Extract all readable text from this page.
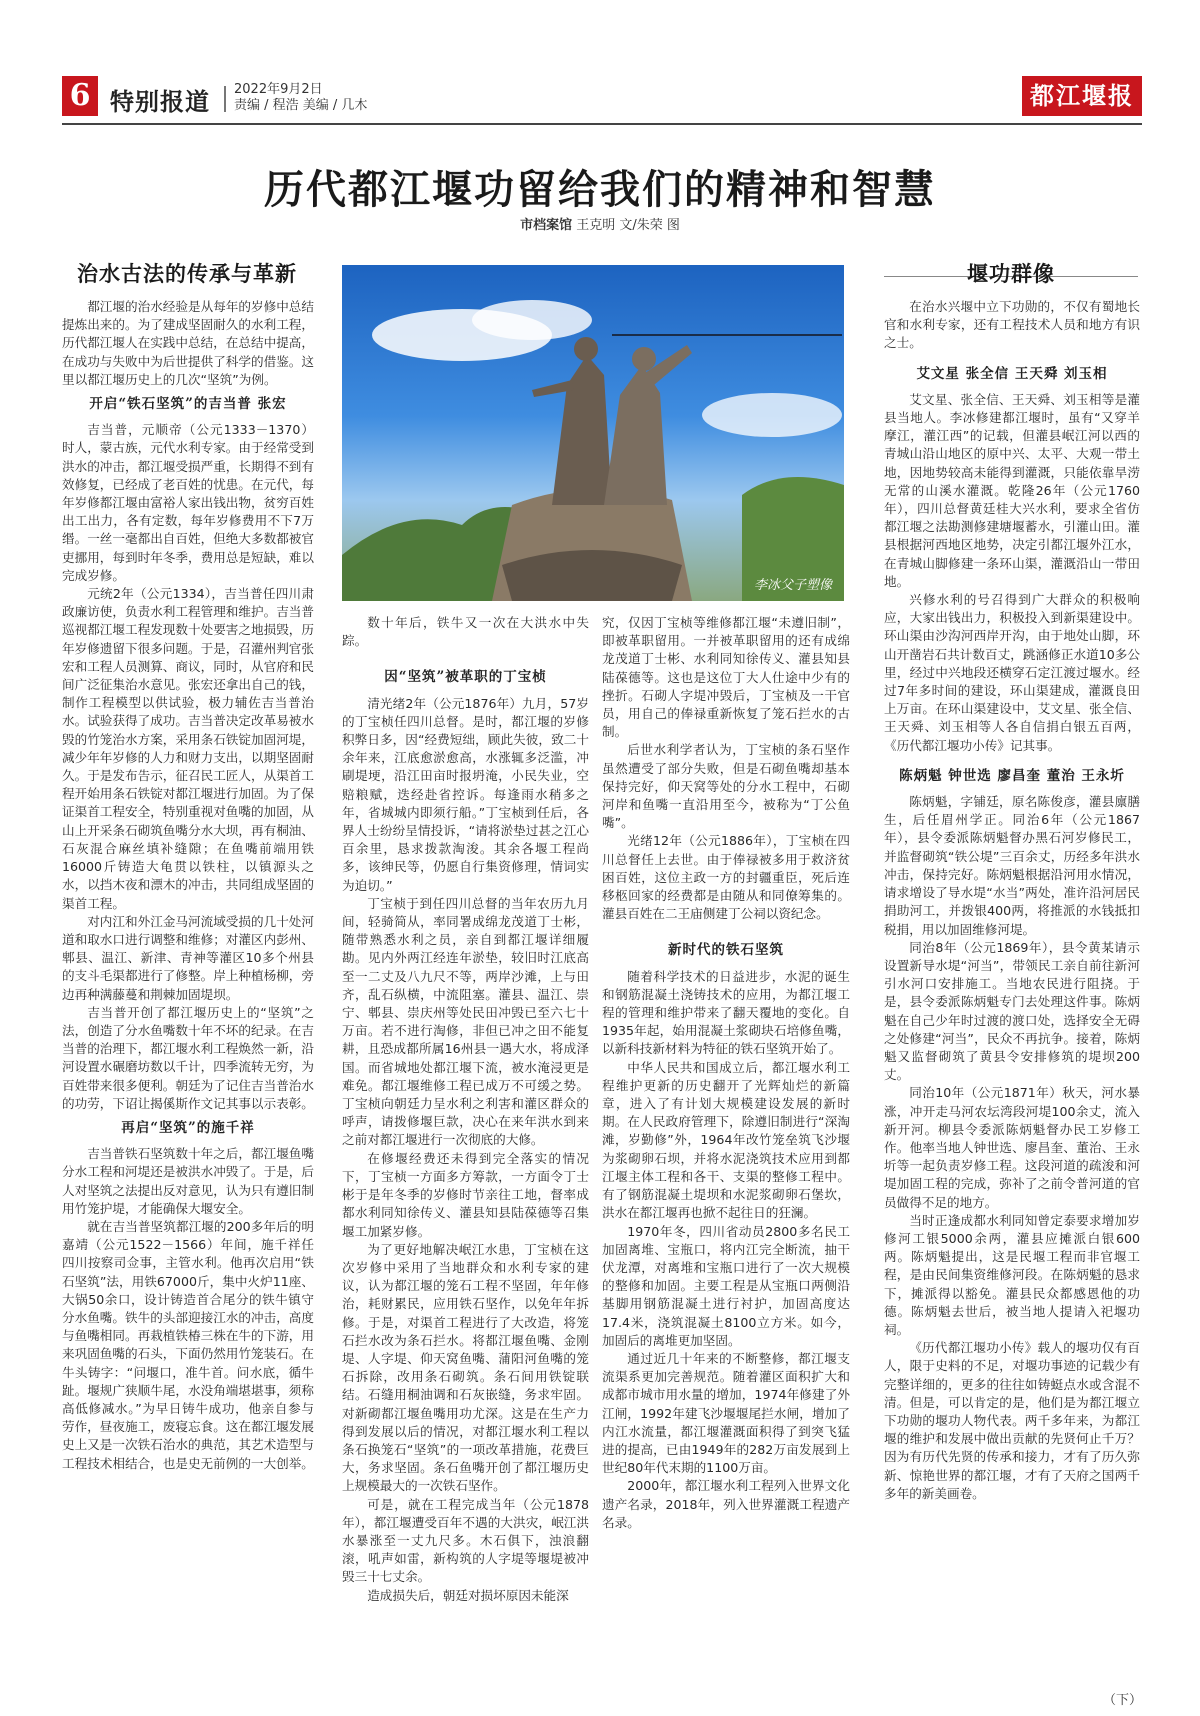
6 特别报道 2022年9月2日
责编 / 程浩 美编 / 几木	都江堰报
历代都江堰功留给我们的精神和智慧
市档案馆 王克明 文/朱荣 图
治水古法的传承与革新

都江堰的治水经验是从每年的岁修中总结提炼出来的。为了建成坚固耐久的水利工程，历代都江堰人在实践中总结，在总结中提高，在成功与失败中为后世提供了科学的借鉴。这里以都江堰历史上的几次“坚筑”为例。

开启“铁石坚筑”的吉当普 张宏

吉当普，元顺帝（公元1333－1370）时人，蒙古族，元代水利专家。由于经常受到洪水的冲击，都江堰受损严重，长期得不到有效修复，已经成了老百姓的忧患。在元代，每年岁修都江堰由富裕人家出钱出物，贫穷百姓出工出力，各有定数，每年岁修费用不下7万缗。一丝一毫都出自百姓，但绝大多数都被官吏挪用，每到时年冬季，费用总是短缺，难以完成岁修。

元统2年（公元1334），吉当普任四川肃政廉访使，负责水利工程管理和维护。吉当普巡视都江堰工程发现数十处要害之地损毁，历年岁修遗留下很多问题。于是，召灌州判官张宏和工程人员测算、商议，同时，从官府和民间广泛征集治水意见。张宏还拿出自己的钱，制作工程模型以供试验，极力辅佐吉当普治水。试验获得了成功。吉当普决定改革易被水毁的竹笼治水方案，采用条石铁锭加固河堤，减少年年岁修的人力和财力支出，以期坚固耐久。于是发布告示，征召民工匠人，从渠首工程开始用条石铁锭对都江堰进行加固。为了保证渠首工程安全，特别重视对鱼嘴的加固，从山上开采条石砌筑鱼嘴分水大坝，再有桐油、石灰混合麻丝填补缝隙；在鱼嘴前端用铁16000斤铸造大龟贯以铁柱，以镇源头之水，以挡木夜和漂木的冲击，共同组成坚固的渠首工程。

对内江和外江金马河流域受损的几十处河道和取水口进行调整和维修；对灌区内彭州、郫县、温江、新津、青神等灌区10多个州县的支斗毛渠都进行了修整。岸上种植杨柳，旁边再种满藤蔓和荆棘加固堤坝。

吉当普开创了都江堰历史上的“坚筑”之法，创造了分水鱼嘴数十年不坏的纪录。在吉当普的治理下，都江堰水利工程焕然一新，沿河设置水碾磨坊数以千计，四季流转无穷，为百姓带来很多便利。朝廷为了记住吉当普治水的功劳，下诏让揭傒斯作文记其事以示表彰。

再启“坚筑”的施千祥

吉当普铁石坚筑数十年之后，都江堰鱼嘴分水工程和河堤还是被洪水冲毁了。于是，后人对坚筑之法提出反对意见，认为只有遵旧制用竹笼护堤，才能确保大堰安全。

就在吉当普坚筑都江堰的200多年后的明嘉靖（公元1522－1566）年间，施千祥任四川按察司佥事，主管水利。他再次启用“铁石坚筑”法，用铁67000斤，集中火炉11座、大锅50余口，设计铸造首合尾分的铁牛镇守分水鱼嘴。铁牛的头部迎接江水的冲击，高度与鱼嘴相同。再栽植铁椿三株在牛的下游，用来巩固鱼嘴的石头，下面仍然用竹笼装石。在牛头铸字：“问堰口，准牛首。问水底，循牛趾。堰规广狭顺牛尾，水没角端堪堪事，须称高低修减水。”为早日铸牛成功，他亲自参与劳作，昼夜施工，废寝忘食。这在都江堰发展史上又是一次铁石治水的典范，其艺术造型与工程技术相结合，也是史无前例的一大创举。

李冰父子塑像

数十年后，铁牛又一次在大洪水中失踪。

因“坚筑”被革职的丁宝桢

清光绪2年（公元1876年）九月，57岁的丁宝桢任四川总督。是时，都江堰的岁修积弊日多，因“经费短绌，顾此失彼，致二十余年来，江底愈淤愈高，水涨辄多泛滥，冲刷堤埂，沿江田亩时报坍淹，小民失业，空赔粮赋，迭经赴省控诉。每逢雨水稍多之年，省城城内即须行船。”丁宝桢到任后，各界人士纷纷呈情投诉，“请将淤垫过甚之江心百余里，恳求拨款淘浚。其余各堰工程尚多，该绅民等，仍愿自行集资修理，情词实为迫切。”

丁宝桢于到任四川总督的当年农历九月间，轻骑简从，率同署成绵龙茂道丁士彬，随带熟悉水利之员，亲自到都江堰详细履勘。见内外两江经连年淤垫，较旧时江底高至一二丈及八九尺不等，两岸沙滩，上与田齐，乱石纵横，中流阻塞。灌县、温江、崇宁、郫县、崇庆州等处民田冲毁已至六七十万亩。若不进行淘修，非但已冲之田不能复耕，且恐成都所属16州县一遇大水，将成泽国。而省城地处都江堰下流，被水淹浸更是难免。都江堰维修工程已成万不可缓之势。丁宝桢向朝廷力呈水利之利害和灌区群众的呼声，请拨修堰巨款，决心在来年洪水到来之前对都江堰进行一次彻底的大修。

在修堰经费还未得到完全落实的情况下，丁宝桢一方面多方筹款，一方面令丁士彬于是年冬季的岁修时节亲往工地，督率成都水利同知徐传义、灌县知县陆葆德等召集堰工加紧岁修。

为了更好地解决岷江水患，丁宝桢在这次岁修中采用了当地群众和水利专家的建议，认为都江堰的笼石工程不坚固，年年修治，耗财累民，应用铁石坚作，以免年年拆修。于是，对渠首工程进行了大改造，将笼石拦水改为条石拦水。将都江堰鱼嘴、金刚堤、人字堤、仰天窝鱼嘴、蒲阳河鱼嘴的笼石拆除，改用条石砌筑。条石间用铁锭联结。石缝用桐油调和石灰嵌缝，务求牢固。对新砌都江堰鱼嘴用功尤深。这是在生产力得到发展以后的情况，对都江堰水利工程以条石换笼石“坚筑”的一项改革措施，花费巨大，务求坚固。条石鱼嘴开创了都江堰历史上规模最大的一次铁石坚作。

可是，就在工程完成当年（公元1878年），都江堰遭受百年不遇的大洪灾，岷江洪水暴涨至一丈九尺多。木石俱下，浊浪翻滚，吼声如雷，新构筑的人字堤等堰堤被冲毁三十七丈余。

造成损失后，朝廷对损坏原因未能深

究，仅因丁宝桢等维修都江堰“未遵旧制”，即被革职留用。一并被革职留用的还有成绵龙茂道丁士彬、水利同知徐传义、灌县知县陆葆德等。这也是这位丁大人仕途中少有的挫折。石砌人字堤冲毁后，丁宝桢及一干官员，用自己的俸禄重新恢复了笼石拦水的古制。

后世水利学者认为，丁宝桢的条石坚作虽然遭受了部分失败，但是石砌鱼嘴却基本保持完好，仰天窝等处的分水工程中，石砌河岸和鱼嘴一直沿用至今，被称为“丁公鱼嘴”。

光绪12年（公元1886年），丁宝桢在四川总督任上去世。由于俸禄被多用于救济贫困百姓，这位主政一方的封疆重臣，死后连移柩回家的经费都是由随从和同僚筹集的。灌县百姓在二王庙侧建丁公祠以资纪念。

新时代的铁石坚筑

随着科学技术的日益进步，水泥的诞生和钢筋混凝土浇铸技术的应用，为都江堰工程的管理和维护带来了翻天覆地的变化。自1935年起，始用混凝土浆砌块石培修鱼嘴，以新科技新材料为特征的铁石坚筑开始了。

中华人民共和国成立后，都江堰水利工程维护更新的历史翻开了光辉灿烂的新篇章，进入了有计划大规模建设发展的新时期。在人民政府管理下，除遵旧制进行“深淘滩，岁勤修”外，1964年改竹笼垒筑飞沙堰为浆砌卵石坝，并将水泥浇筑技术应用到都江堰主体工程和各干、支渠的整修工程中。有了钢筋混凝土堤坝和水泥浆砌卵石堡坎，洪水在都江堰再也掀不起往日的狂澜。

1970年冬，四川省动员2800多名民工加固离堆、宝瓶口，将内江完全断流，抽干伏龙潭，对离堆和宝瓶口进行了一次大规模的整修和加固。主要工程是从宝瓶口两侧沿基脚用钢筋混凝土进行衬护，加固高度达17.4米，浇筑混凝土8100立方米。如今，加固后的离堆更加坚固。

通过近几十年来的不断整修，都江堰支流渠系更加完善规范。随着灌区面积扩大和成都市城市用水量的增加，1974年修建了外江闸，1992年建飞沙堰堰尾拦水闸，增加了内江水流量，都江堰灌溉面积得了到突飞猛进的提高，已由1949年的282万亩发展到上世纪80年代末期的1100万亩。

2000年，都江堰水利工程列入世界文化遗产名录，2018年，列入世界灌溉工程遗产名录。

堰功群像

在治水兴堰中立下功勋的，不仅有蜀地长官和水利专家，还有工程技术人员和地方有识之士。

艾文星 张全信 王天舜 刘玉相

艾文星、张全信、王天舜、刘玉相等是灌县当地人。李冰修建都江堰时，虽有“又穿羊摩江，灌江西”的记载，但灌县岷江河以西的青城山沿山地区的原中兴、太平、大观一带土地，因地势较高未能得到灌溉，只能依靠旱涝无常的山溪水灌溉。乾隆26年（公元1760年），四川总督黄廷桂大兴水利，要求全省仿都江堰之法勘测修建塘堰蓄水，引灌山田。灌县根据河西地区地势，决定引都江堰外江水，在青城山脚修建一条环山渠，灌溉沿山一带田地。

兴修水利的号召得到广大群众的积极响应，大家出钱出力，积极投入到新渠建设中。环山渠由沙沟河西岸开沟，由于地处山脚，环山开凿岩石共计数百丈，跳涵修正水道10多公里，经过中兴地段还横穿石定江渡过堰水。经过7年多时间的建设，环山渠建成，灌溉良田上万亩。在环山渠建设中，艾文星、张全信、王天舜、刘玉相等人各自信捐白银五百两，《历代都江堰功小传》记其事。

陈炳魁 钟世选 廖昌奎 董治 王永圻

陈炳魁，字铺廷，原名陈俊彦，灌县廪膳生，后任眉州学正。同治6年（公元1867年），县令委派陈炳魁督办黑石河岁修民工，并监督砌筑“铁公堤”三百余丈，历经多年洪水冲击，保持完好。陈炳魁根据沿河用水情况，请求增设了导水堤“水当”两处，准许沿河居民捐助河工，并拨银400两，将推派的水钱抵扣税捐，用以加固维修河堤。

同治8年（公元1869年），县令黄某请示设置新导水堤“河当”，带领民工亲自前往新河引水河口安排施工。当地农民进行阻挠。于是，县令委派陈炳魁专门去处理这件事。陈炳魁在自己少年时过渡的渡口处，选择安全无碍之处修建“河当”，民众不再抗争。接着，陈炳魁又监督砌筑了黄县令安排修筑的堤坝200丈。

同治10年（公元1871年）秋天，河水暴涨，冲开走马河农坛湾段河堤100余丈，流入新开河。柳县令委派陈炳魁督办民工岁修工作。他率当地人钟世选、廖昌奎、董治、王永圻等一起负责岁修工程。这段河道的疏浚和河堤加固工程的完成，弥补了之前令普河道的官员做得不足的地方。

当时正逢成都水利同知曾定泰要求增加岁修河工银5000余两，灌县应摊派白银600两。陈炳魁提出，这是民堰工程而非官堰工程，是由民间集资维修河段。在陈炳魁的恳求下，摊派得以豁免。灌县民众都感恩他的功德。陈炳魁去世后，被当地人提请入祀堰功祠。

《历代都江堰功小传》载人的堰功仅有百人，限于史料的不足，对堰功事迹的记载少有完整详细的，更多的往往如铸蜓点水或含混不清。但是，可以肯定的是，他们是为都江堰立下功勋的堰功人物代表。两千多年来，为都江堰的维护和发展中做出贡献的先贤何止千万？因为有历代先贤的传承和接力，才有了历久弥新、惊艳世界的都江堰，才有了天府之国两千多年的新美画卷。

（下）
